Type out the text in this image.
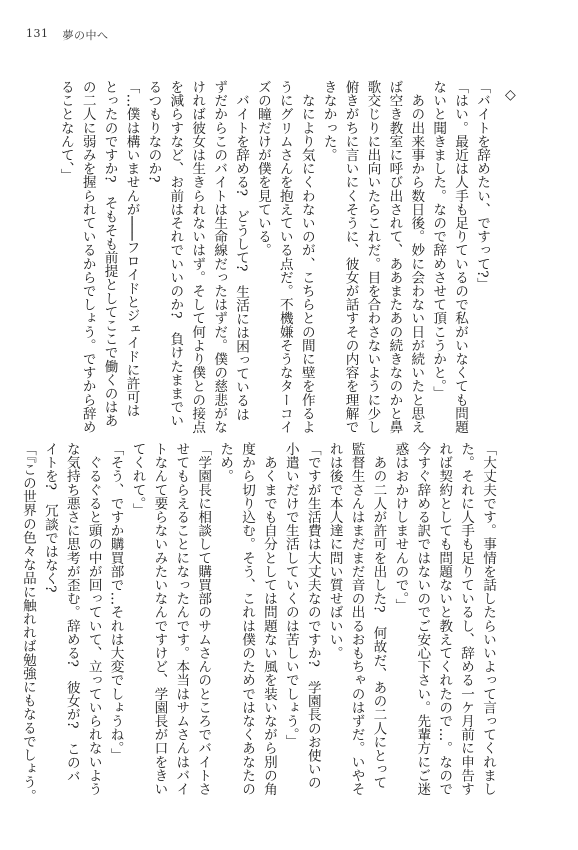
131 夢の中へ
◇
「バイトを辞めたい、ですって?」
「はい。最近は人手も足りているので私がいなくても問題
ないと聞きました。なので辞めさせて頂こうかと。」
　あの出来事から数日後。妙に会わない日が続いたと思え
ば空き教室に呼び出されて、ああまたあの続きなのかと鼻
歌交じりに出向いたらこれだ。目を合わさないように少し
俯きがちに言いにくそうに、彼女が話すその内容を理解で
きなかった。
　なにより気にくわないのが、こちらとの間に壁を作るよ
うにグリムさんを抱えている点だ。不機嫌そうなターコイ
ズの瞳だけが僕を見ている。
　バイトを辞める?　どうして?　生活には困っているは
ずだからこのバイトは生命線だったはずだ。僕の慈悲がな
ければ彼女は生きられないはず。そして何より僕との接点
を減らすなど、お前はそれでいいのか?　負けたままでい
るつもりなのか?
「…僕は構いませんが───フロイドとジェイドに許可は
とったのですか?　そもそも前提としてここで働くのはあ
の二人に弱みを握られているからでしょう。ですから辞め
ることなんて、」
「大丈夫です。事情を話したらいいよって言ってくれまし
た。それに人手も足りているし、辞める一ケ月前に申告す
れば契約としても問題ないと教えてくれたので…。なので
今すぐ辞める訳ではないのでご安心下さい。先輩方にご迷
惑はおかけしませんので。」
　あの二人が許可を出した?　何故だ、あの二人にとって
監督生さんはまだまだ音の出るおもちゃのはずだ。いやそ
れは後で本人達に問い質せばいい。
「ですが生活費は大丈夫なのですか?　学園長のお使いの
小遣いだけで生活していくのは苦しいでしょう。」
　あくまでも自分としては問題ない風を装いながら別の角
度から切り込む。そう、これは僕のためではなくあなたの
ため。
「学園長に相談して購買部のサムさんのところでバイトさ
せてもらえることになったんです。本当はサムさんはバイ
トなんて要らないみたいなんですけど、学園長が口をきい
てくれて。」
「そう、ですか購買部で…それは大変でしょうね。」
　ぐるぐると頭の中が回っていて、立っていられないよう
な気持ち悪さに思考が歪む。辞める?　彼女が?　このバ
イトを?　冗談ではなく?
「『この世界の色々な品に触れれば勉強にもなるでしょう。
